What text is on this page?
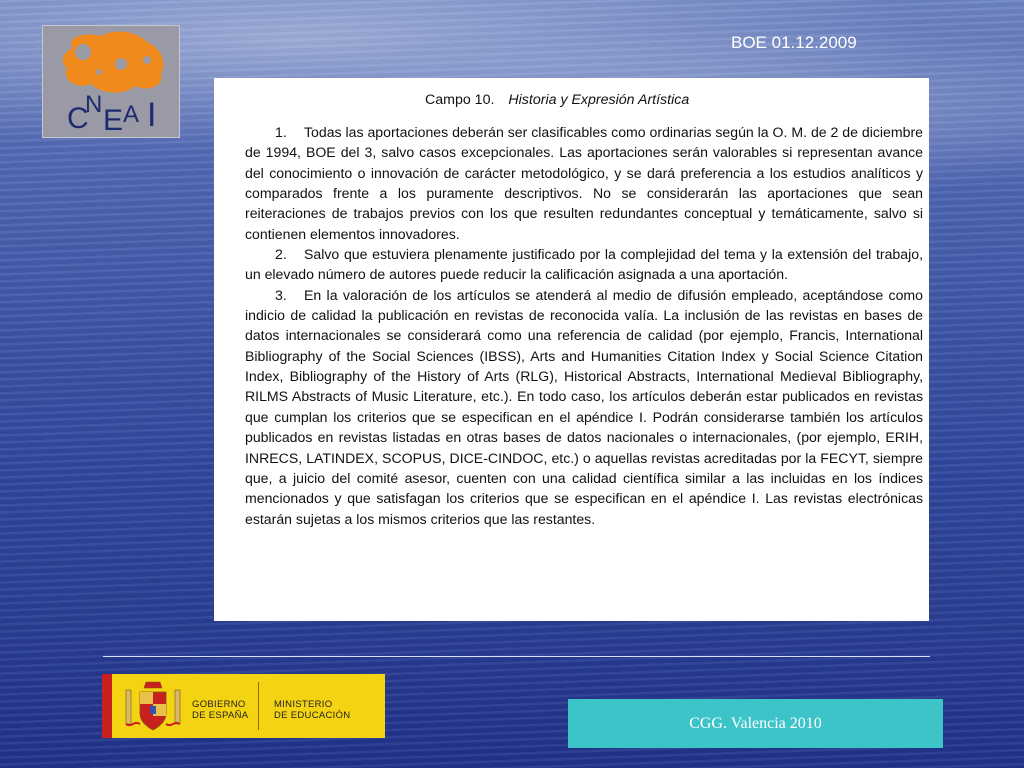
C
N E A I
BOE 01.12.2009
Campo 10. Historia y Expresión Artística

1. Todas las aportaciones deberán ser clasificables como ordinarias según la O. M. de 2 de diciembre de 1994, BOE del 3, salvo casos excepcionales. Las aportaciones serán valorables si representan avance del conocimiento o innovación de carácter metodológico, y se dará preferencia a los estudios analíticos y comparados frente a los puramente descriptivos. No se considerarán las aportaciones que sean reiteraciones de trabajos previos con los que resulten redundantes conceptual y temáticamente, salvo si contienen elementos innovadores.

2. Salvo que estuviera plenamente justificado por la complejidad del tema y la extensión del trabajo, un elevado número de autores puede reducir la calificación asignada a una aportación.

3. En la valoración de los artículos se atenderá al medio de difusión empleado, aceptándose como indicio de calidad la publicación en revistas de reconocida valía. La inclusión de las revistas en bases de datos internacionales se considerará como una referencia de calidad (por ejemplo, Francis, International Bibliography of the Social Sciences (IBSS), Arts and Humanities Citation Index y Social Science Citation Index, Bibliography of the History of Arts (RLG), Historical Abstracts, International Medieval Bibliography, RILMS Abstracts of Music Literature, etc.). En todo caso, los artículos deberán estar publicados en revistas que cumplan los criterios que se especifican en el apéndice I. Podrán considerarse también los artículos publicados en revistas listadas en otras bases de datos nacionales o internacionales, (por ejemplo, ERIH, INRECS, LATINDEX, SCOPUS, DICE-CINDOC, etc.) o aquellas revistas acreditadas por la FECYT, siempre que, a juicio del comité asesor, cuenten con una calidad científica similar a las incluidas en los índices mencionados y que satisfagan los criterios que se especifican en el apéndice I. Las revistas electrónicas estarán sujetas a los mismos criterios que las restantes.

GOBIERNO
DE ESPAÑA
MINISTERIO
DE EDUCACIÓN	CGG. Valencia 2010
